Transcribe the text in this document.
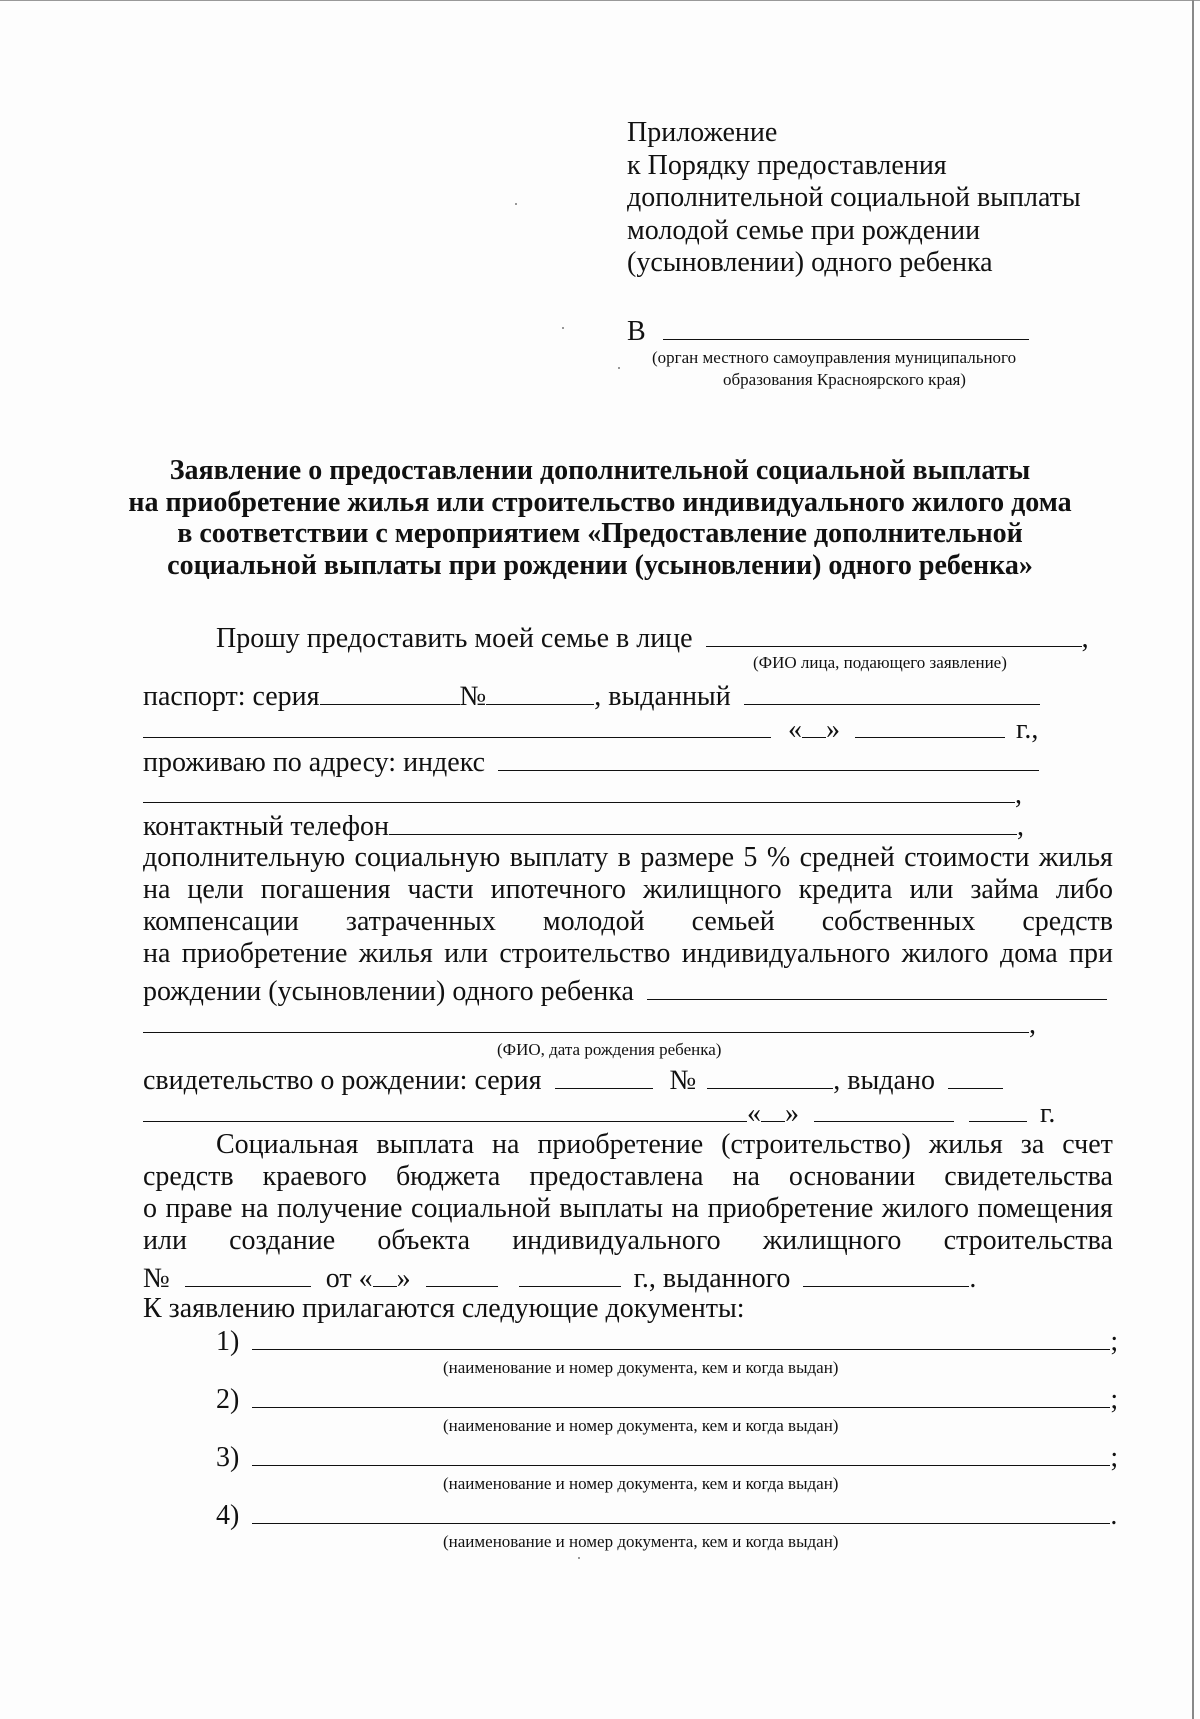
Приложение
к Порядку предоставления
дополнительной социальной выплаты
молодой семье при рождении
(усыновлении) одного ребенка
В
(орган местного самоуправления муниципального
образования Красноярского края)
Заявление о предоставлении дополнительной социальной выплаты
на приобретение жилья или строительство индивидуального жилого дома
в соответствии с мероприятием «Предоставление дополнительной
социальной выплаты при рождении (усыновлении) одного ребенка»
Прошу предоставить моей семье в лице	,
(ФИО лица, подающего заявление)
паспорт: серия	№	, выданный
« »	г.,
проживаю по адресу: индекс
,
контактный телефон	,
дополнительную социальную выплату в размере 5 % средней стоимости жилья
на цели погашения части ипотечного жилищного кредита или займа либо
компенсации затраченных молодой семьей собственных средств
на приобретение жилья или строительство индивидуального жилого дома при
рождении (усыновлении) одного ребенка
,
(ФИО, дата рождения ребенка)
свидетельство о рождении: серия	№	, выдано
« »	г.
Социальная выплата на приобретение (строительство) жилья за счет
средств краевого бюджета предоставлена на основании свидетельства
о праве на получение социальной выплаты на приобретение жилого помещения
или создание объекта индивидуального жилищного строительства
№	от « »	г., выданного	.
К заявлению прилагаются следующие документы:
1)	;
(наименование и номер документа, кем и когда выдан)
2)	;
(наименование и номер документа, кем и когда выдан)
3)	;
(наименование и номер документа, кем и когда выдан)
4)	.
(наименование и номер документа, кем и когда выдан)
